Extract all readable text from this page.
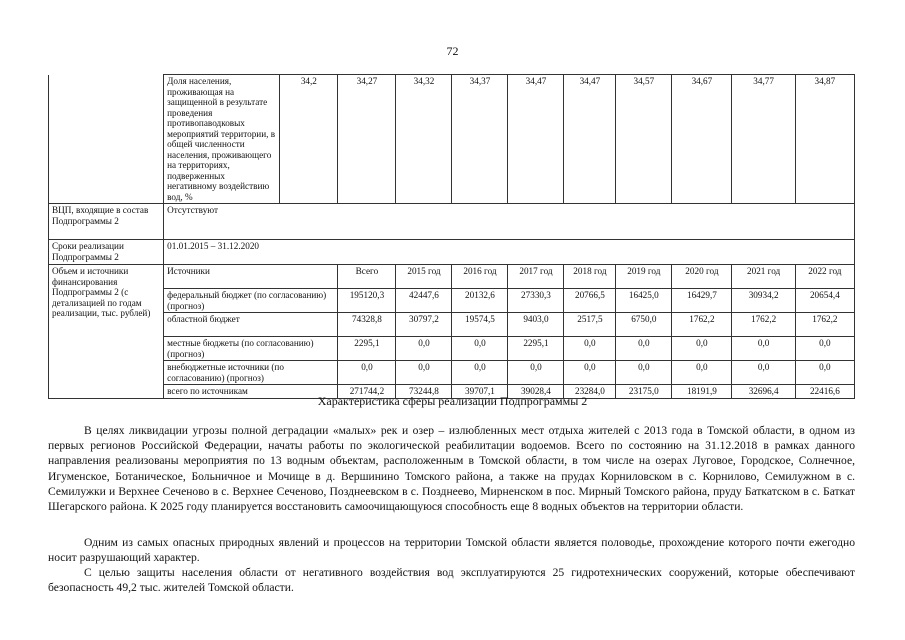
72
	Доля населения, проживающая на защищенной в результате проведения противопаводковых мероприятий территории, в общей численности населения, проживающего на территориях, подверженных негативному воздействию вод, %	34,2	34,27	34,32	34,37	34,47	34,47	34,57	34,67	34,77	34,87
ВЦП, входящие в состав Подпрограммы 2	Отсутствуют										
Сроки реализации Подпрограммы 2	01.01.2015 – 31.12.2020										
Объем и источники финансирования Подпрограммы 2 (с детализацией по годам реализации, тыс. рублей)	Источники		Всего	2015 год	2016 год	2017 год	2018 год	2019 год	2020 год	2021 год	2022 год
	федеральный бюджет (по согласованию) (прогноз)		195120,3	42447,6	20132,6	27330,3	20766,5	16425,0	16429,7	30934,2	20654,4
	областной бюджет		74328,8	30797,2	19574,5	9403,0	2517,5	6750,0	1762,2	1762,2	1762,2
	местные бюджеты (по согласованию) (прогноз)		2295,1	0,0	0,0	2295,1	0,0	0,0	0,0	0,0	0,0
	внебюджетные источники (по согласованию) (прогноз)		0,0	0,0	0,0	0,0	0,0	0,0	0,0	0,0	0,0
	всего по источникам		271744,2	73244,8	39707,1	39028,4	23284,0	23175,0	18191,9	32696,4	22416,6
Характеристика сферы реализации Подпрограммы 2

В целях ликвидации угрозы полной деградации «малых» рек и озер – излюбленных мест отдыха жителей с 2013 года в Томской области, в одном из первых регионов Российской Федерации, начаты работы по экологической реабилитации водоемов. Всего по состоянию на 31.12.2018 в рамках данного направления реализованы мероприятия по 13 водным объектам, расположенным в Томской области, в том числе на озерах Луговое, Городское, Солнечное, Игуменское, Ботаническое, Больничное и Мочище в д. Вершинино Томского района, а также на прудах Корниловском в с. Корнилово, Семилужном в с. Семилужки и Верхнее Сеченово в с. Верхнее Сеченово, Позднеевском в с. Позднеево, Мирненском в пос. Мирный Томского района, пруду Баткатском в с. Баткат Шегарского района. К 2025 году планируется восстановить самоочищающуюся способность еще 8 водных объектов на территории области.

Одним из самых опасных природных явлений и процессов на территории Томской области является половодье, прохождение которого почти ежегодно носит разрушающий характер.

С целью защиты населения области от негативного воздействия вод эксплуатируются 25 гидротехнических сооружений, которые обеспечивают безопасность 49,2 тыс. жителей Томской области.
